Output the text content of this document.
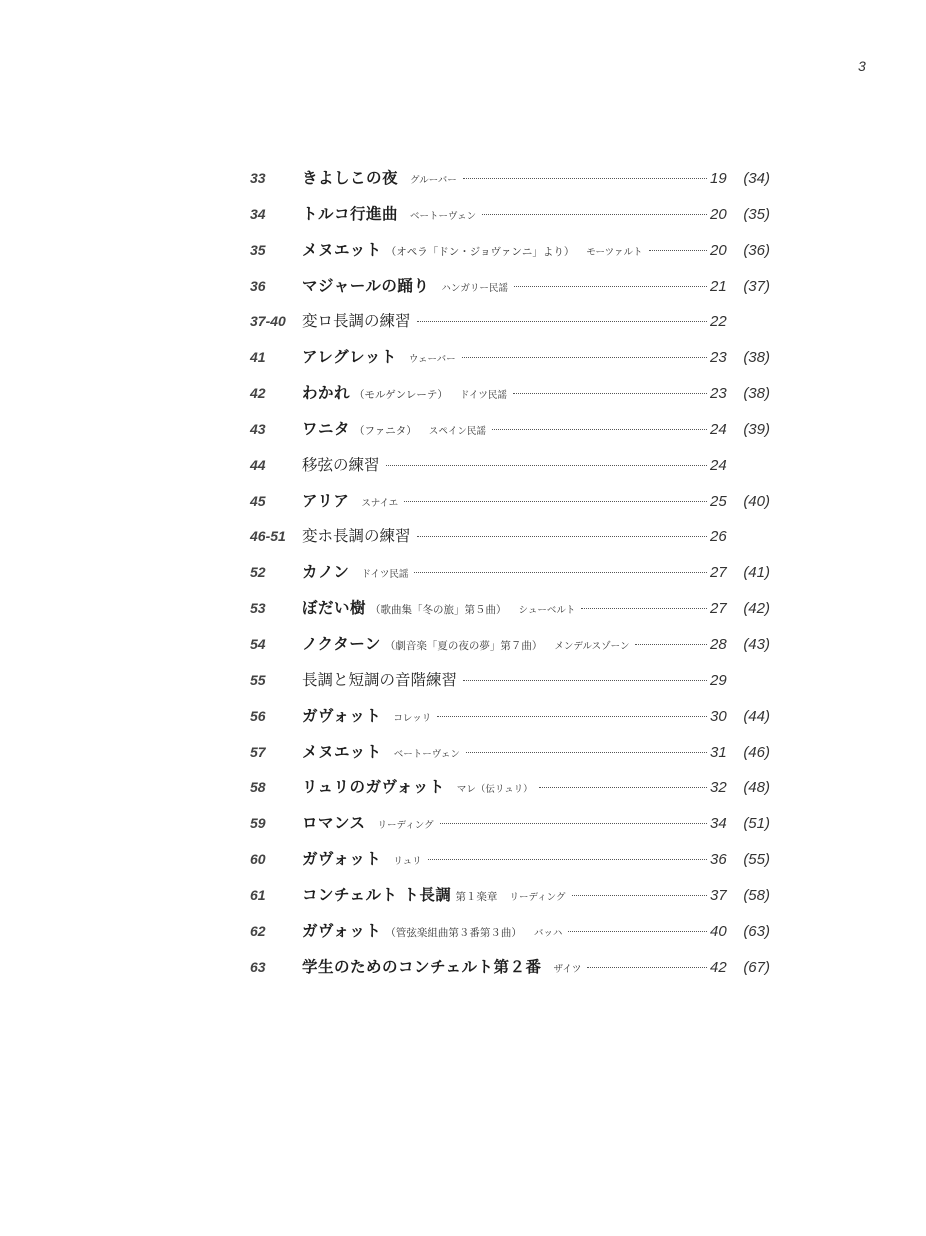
3
33	きよしこの夜 グルーバー	19	(34)
34	トルコ行進曲 ベートーヴェン	20	(35)
35	メヌエット （オペラ「ドン・ジョヴァンニ」より） モーツァルト	20	(36)
36	マジャールの踊り ハンガリー民謡	21	(37)
37-40	変ロ長調の練習	22
41	アレグレット ウェーバー	23	(38)
42	わかれ （モルゲンレーテ） ドイツ民謡	23	(38)
43	ワニタ （ファニタ） スペイン民謡	24	(39)
44	移弦の練習	24
45	アリア スナイエ	25	(40)
46-51	変ホ長調の練習	26
52	カノン ドイツ民謡	27	(41)
53	ぼだい樹 （歌曲集「冬の旅」第５曲） シューベルト	27	(42)
54	ノクターン （劇音楽「夏の夜の夢」第７曲） メンデルスゾーン	28	(43)
55	長調と短調の音階練習	29
56	ガヴォット コレッリ	30	(44)
57	メヌエット ベートーヴェン	31	(46)
58	リュリのガヴォット マレ（伝リュリ）	32	(48)
59	ロマンス リーディング	34	(51)
60	ガヴォット リュリ	36	(55)
61	コンチェルト ト長調 第１楽章 リーディング	37	(58)
62	ガヴォット （管弦楽組曲第３番第３曲） バッハ	40	(63)
63	学生のためのコンチェルト第２番 ザイツ	42	(67)
